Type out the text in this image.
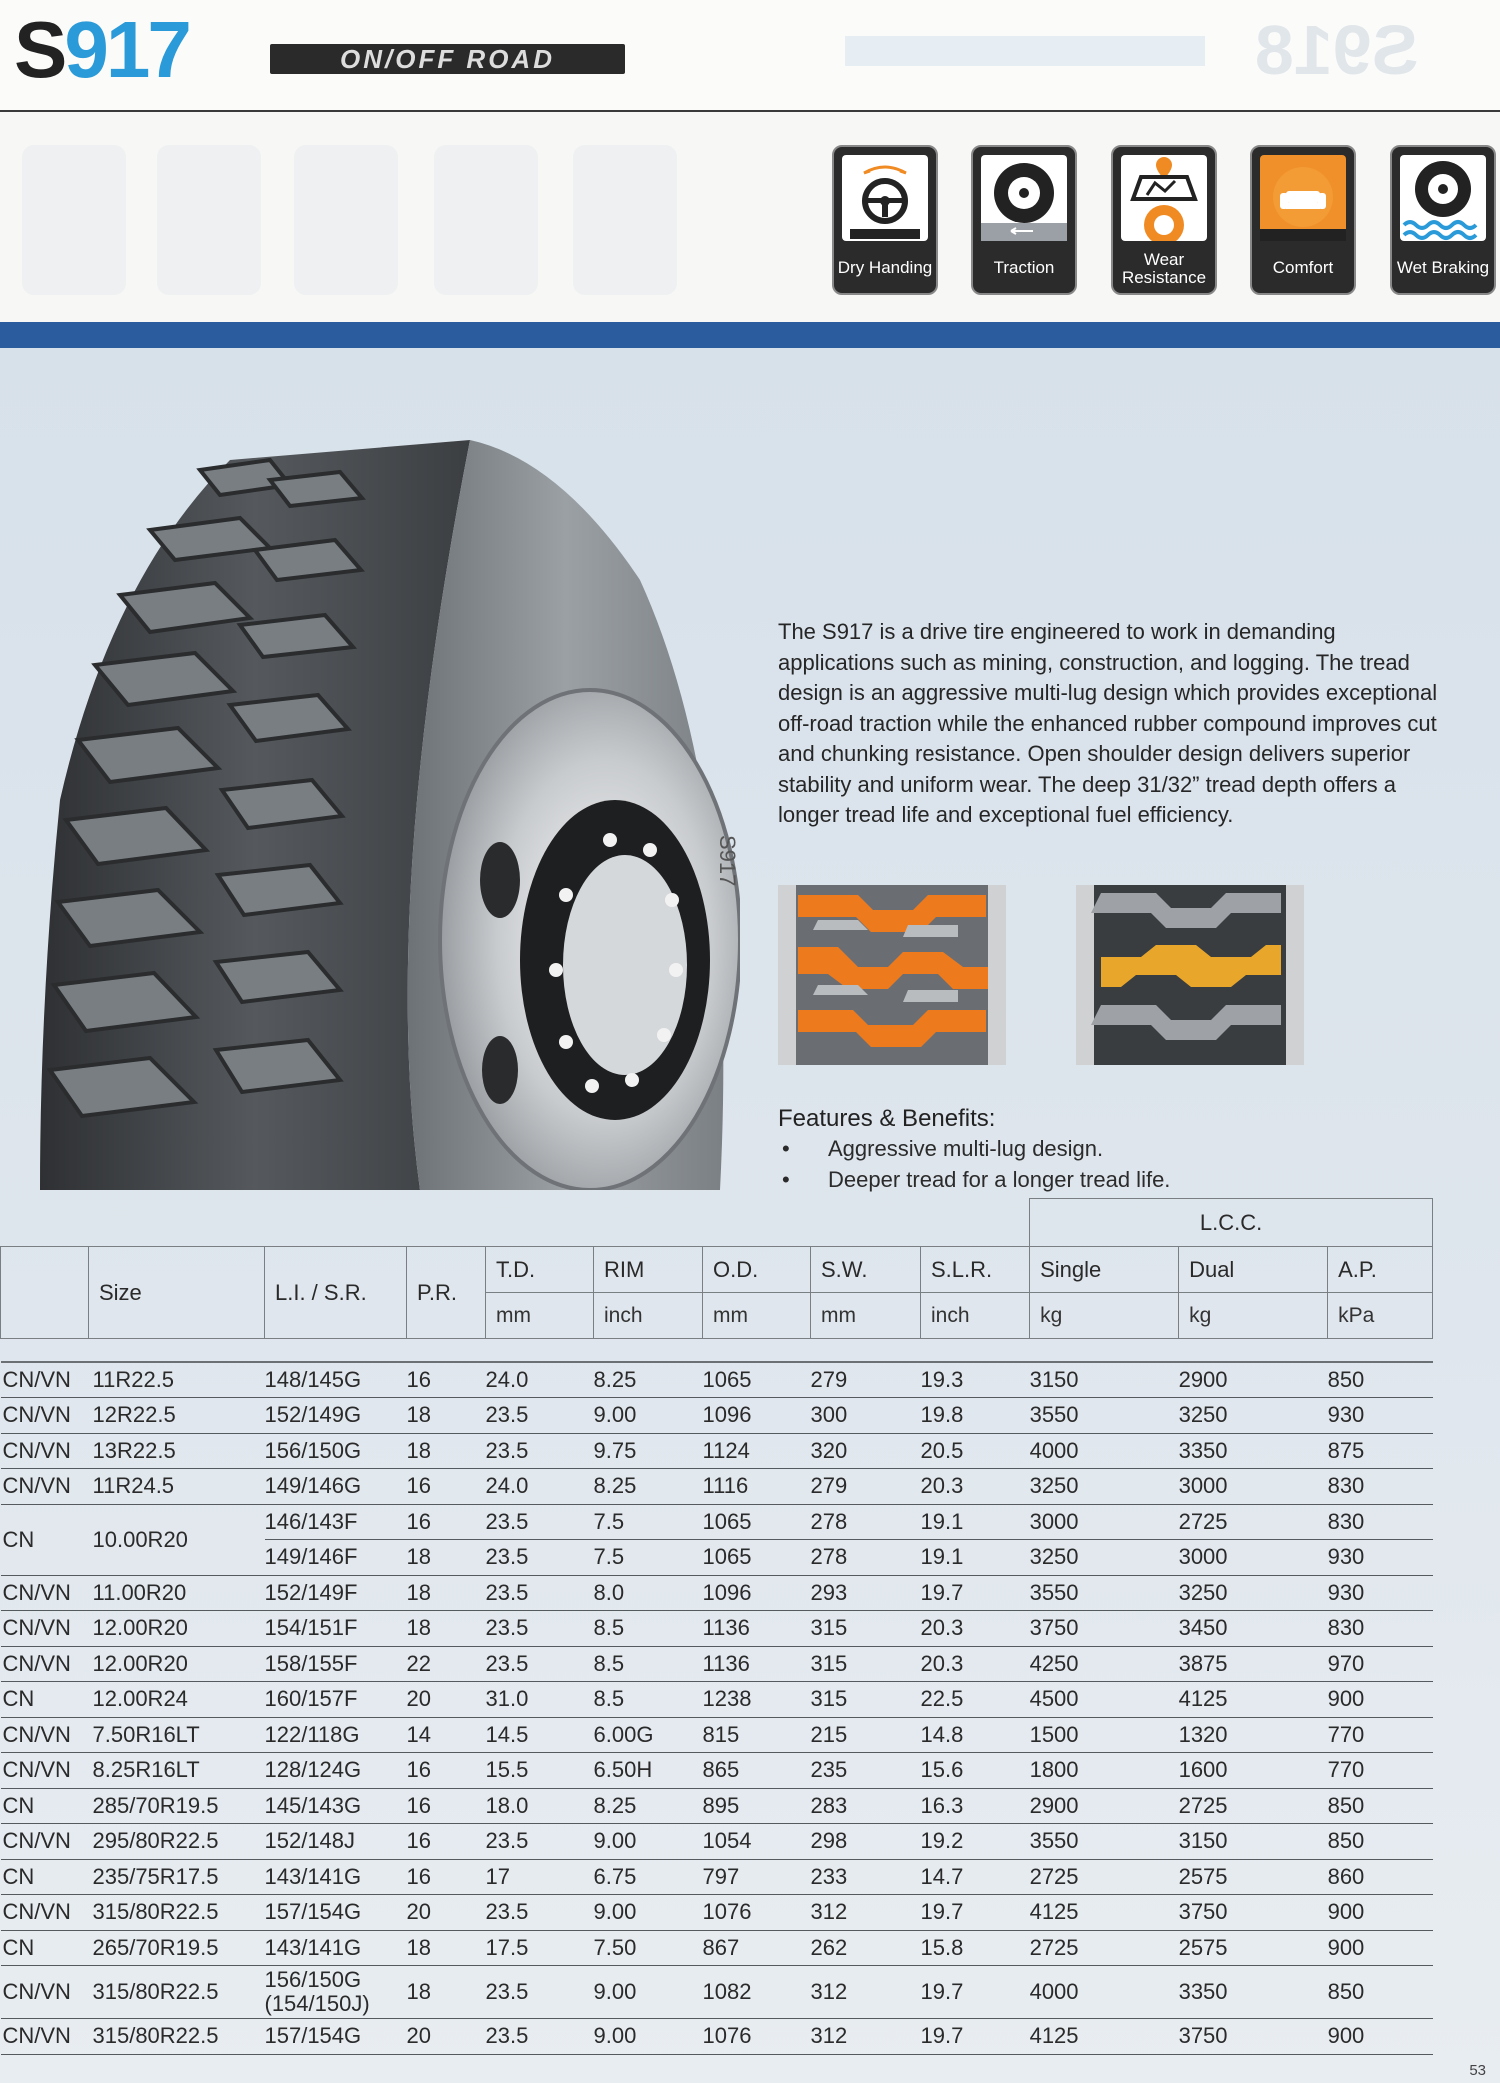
S917	ON/OFF ROAD	S918
Dry Handing	Traction	Wear Resistance
Comfort	Wet Braking
S917

The S917 is a drive tire engineered to work in demanding applications such as mining, construction, and logging. The tread design is an aggressive multi-lug design which provides exceptional off-road traction while the enhanced rubber compound improves cut and chunking resistance. Open shoulder design delivers superior stability and uniform wear. The deep 31/32” tread depth offers a longer tread life and exceptional fuel efficiency.

Features & Benefits:
• Aggressive multi-lug design.
• Deeper tread for a longer tread life.
									L.C.C.		
	Size	L.I. / S.R.	P.R.	T.D.	RIM	O.D.	S.W.	S.L.R.	Single	Dual	A.P.
				mm	inch	mm	mm	inch	kg	kg	kPa

CN/VN	11R22.5	148/145G	16	24.0	8.25	1065	279	19.3	3150	2900	850
CN/VN	12R22.5	152/149G	18	23.5	9.00	1096	300	19.8	3550	3250	930
CN/VN	13R22.5	156/150G	18	23.5	9.75	1124	320	20.5	4000	3350	875
CN/VN	11R24.5	149/146G	16	24.0	8.25	1116	279	20.3	3250	3000	830
CN	10.00R20	146/143F	16	23.5	7.5	1065	278	19.1	3000	2725	830
		149/146F	18	23.5	7.5	1065	278	19.1	3250	3000	930
CN/VN	11.00R20	152/149F	18	23.5	8.0	1096	293	19.7	3550	3250	930
CN/VN	12.00R20	154/151F	18	23.5	8.5	1136	315	20.3	3750	3450	830
CN/VN	12.00R20	158/155F	22	23.5	8.5	1136	315	20.3	4250	3875	970
CN	12.00R24	160/157F	20	31.0	8.5	1238	315	22.5	4500	4125	900
CN/VN	7.50R16LT	122/118G	14	14.5	6.00G	815	215	14.8	1500	1320	770
CN/VN	8.25R16LT	128/124G	16	15.5	6.50H	865	235	15.6	1800	1600	770
CN	285/70R19.5	145/143G	16	18.0	8.25	895	283	16.3	2900	2725	850
CN/VN	295/80R22.5	152/148J	16	23.5	9.00	1054	298	19.2	3550	3150	850
CN	235/75R17.5	143/141G	16	17	6.75	797	233	14.7	2725	2575	860
CN/VN	315/80R22.5	157/154G	20	23.5	9.00	1076	312	19.7	4125	3750	900
CN	265/70R19.5	143/141G	18	17.5	7.50	867	262	15.8	2725	2575	900
CN/VN	315/80R22.5	156/150G
(154/150J)	18	23.5	9.00	1082	312	19.7	4000	3350	850
CN/VN	315/80R22.5	157/154G	20	23.5	9.00	1076	312	19.7	4125	3750	900
53
